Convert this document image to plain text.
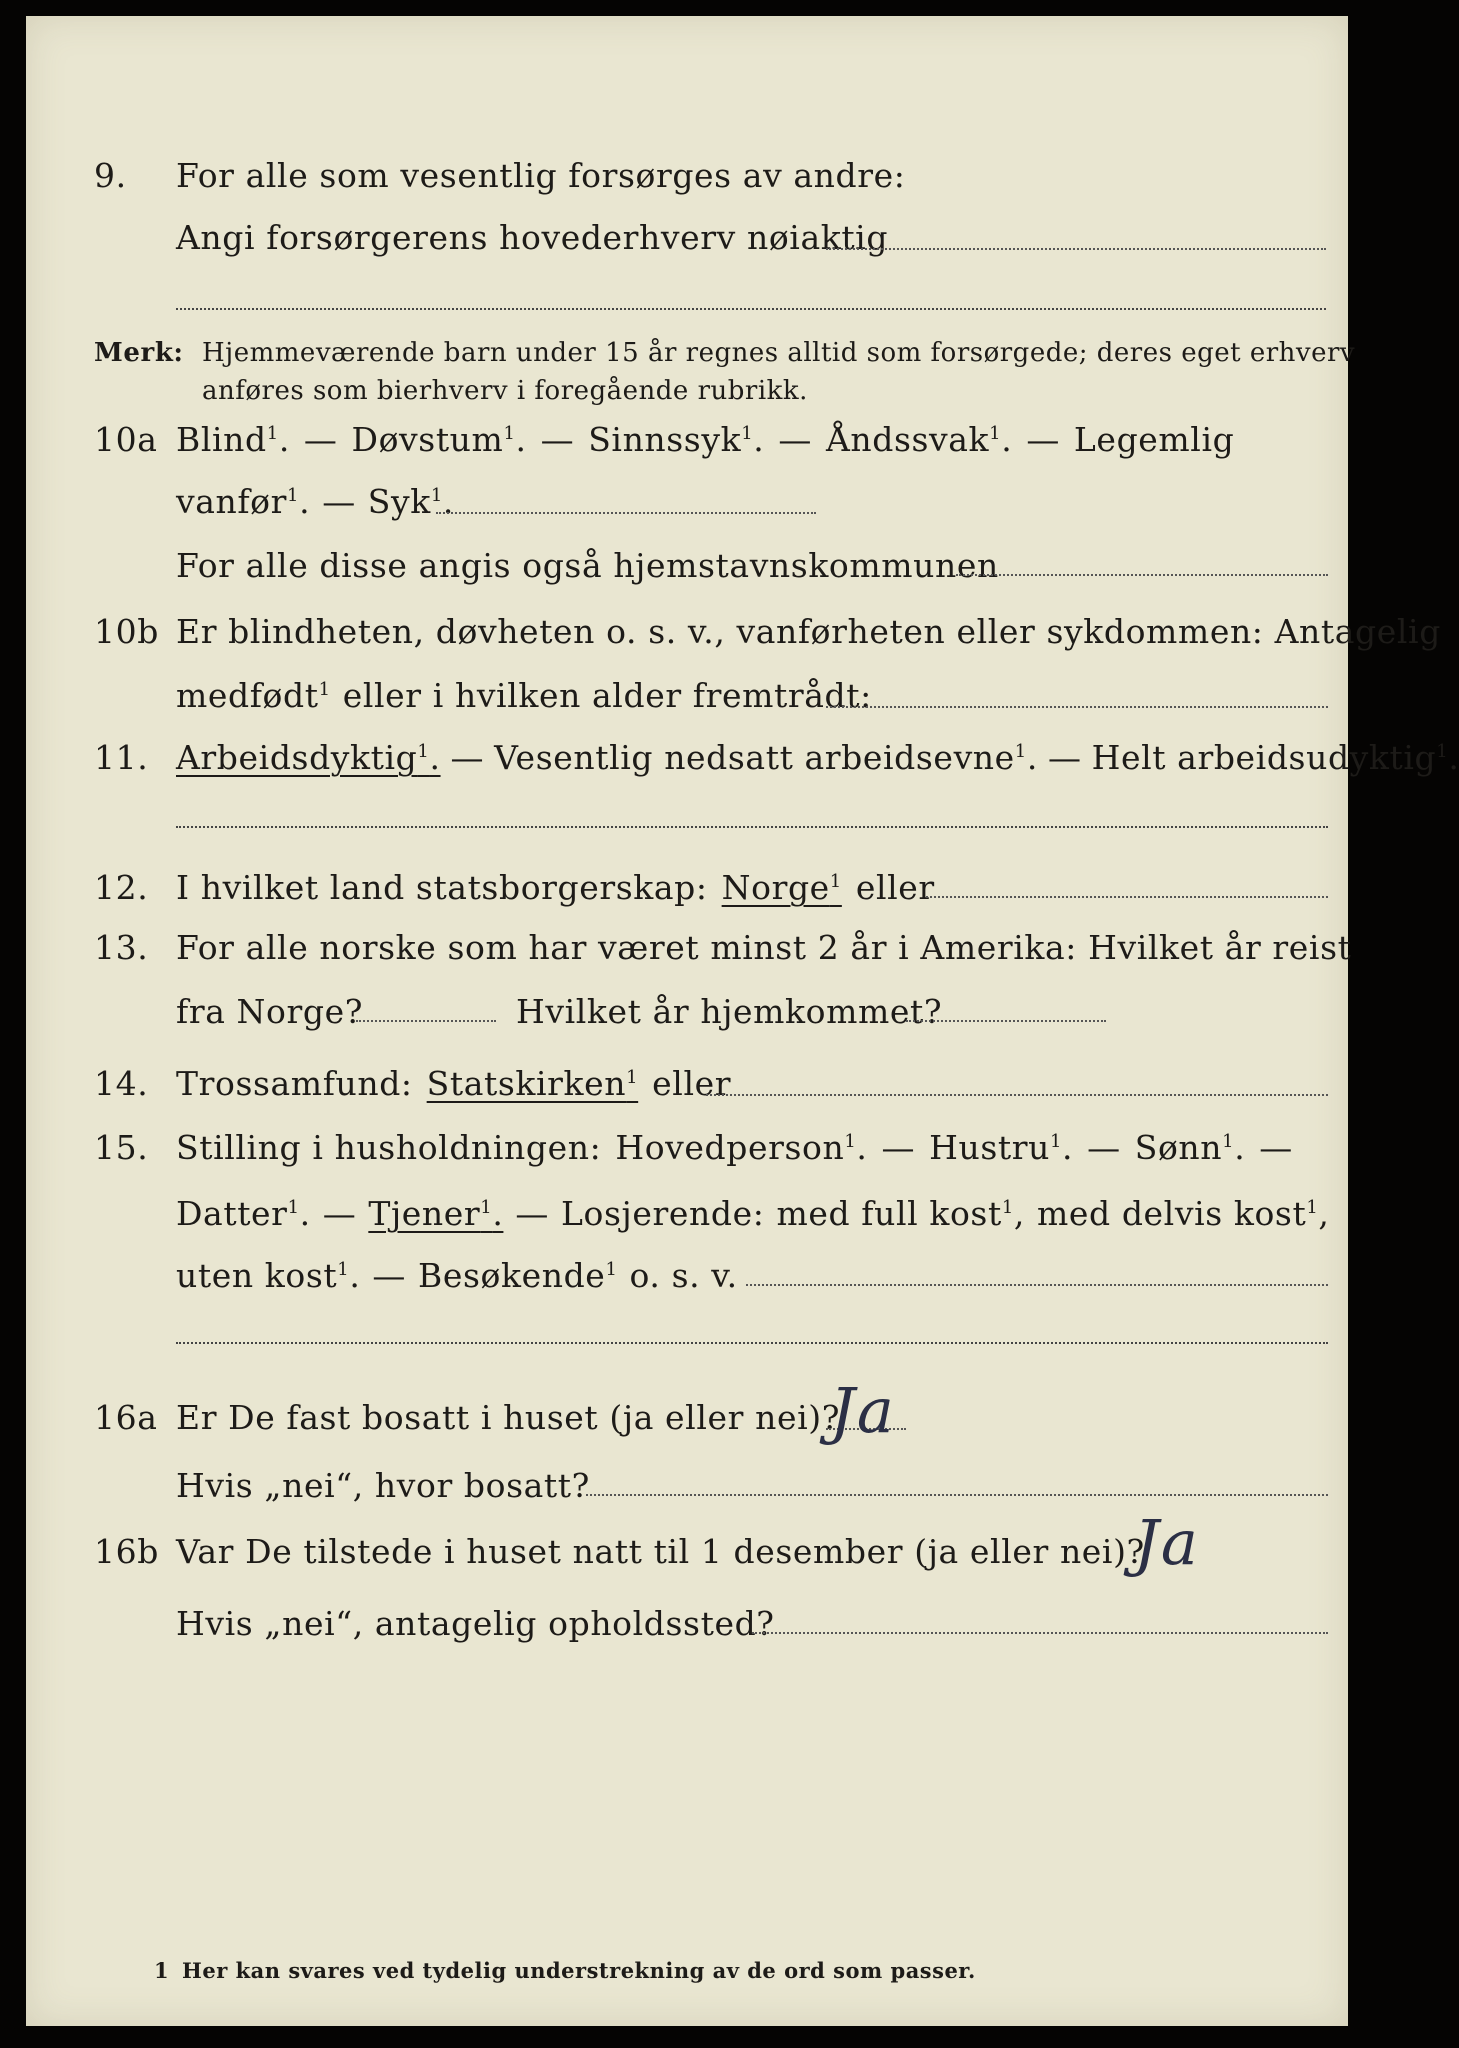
9. For alle som vesentlig forsørges av andre:
Angi forsørgerens hovederhverv nøiaktig
Merk: Hjemmeværende barn under 15 år regnes alltid som forsørgede; deres eget erhverv
anføres som bierhverv i foregående rubrikk.
10a Blind$^1$. — Døvstum$^1$. — Sinnssyk$^1$. — Åndssvak$^1$. — Legemlig
vanfør$^1$. — Syk$^1$.
For alle disse angis også hjemstavnskommunen
10b Er blindheten, døvheten o. s. v., vanførheten eller sykdommen: Antagelig
medfødt$^1$ eller i hvilken alder fremtrådt:
11. Arbeidsdyktig$^1$. — Vesentlig nedsatt arbeidsevne$^1$. — Helt arbeidsudyktig$^1$.
12. I hvilket land statsborgerskap: Norge$^1$ eller
13. For alle norske som har været minst 2 år i Amerika: Hvilket år reist
fra Norge?	Hvilket år hjemkommet?
14. Trossamfund: Statskirken$^1$ eller
15. Stilling i husholdningen: Hovedperson$^1$. — Hustru$^1$. — Sønn$^1$. —
Datter$^1$. — Tjener$^1$. — Losjerende: med full kost$^1$, med delvis kost$^1$,
uten kost$^1$. — Besøkende$^1$ o. s. v.
16a Er De fast bosatt i huset (ja eller nei)?
Ja
Hvis „nei“, hvor bosatt?
16b Var De tilstede i huset natt til 1 desember (ja eller nei)?
Ja
Hvis „nei“, antagelig opholdssted?
1 Her kan svares ved tydelig understrekning av de ord som passer.
